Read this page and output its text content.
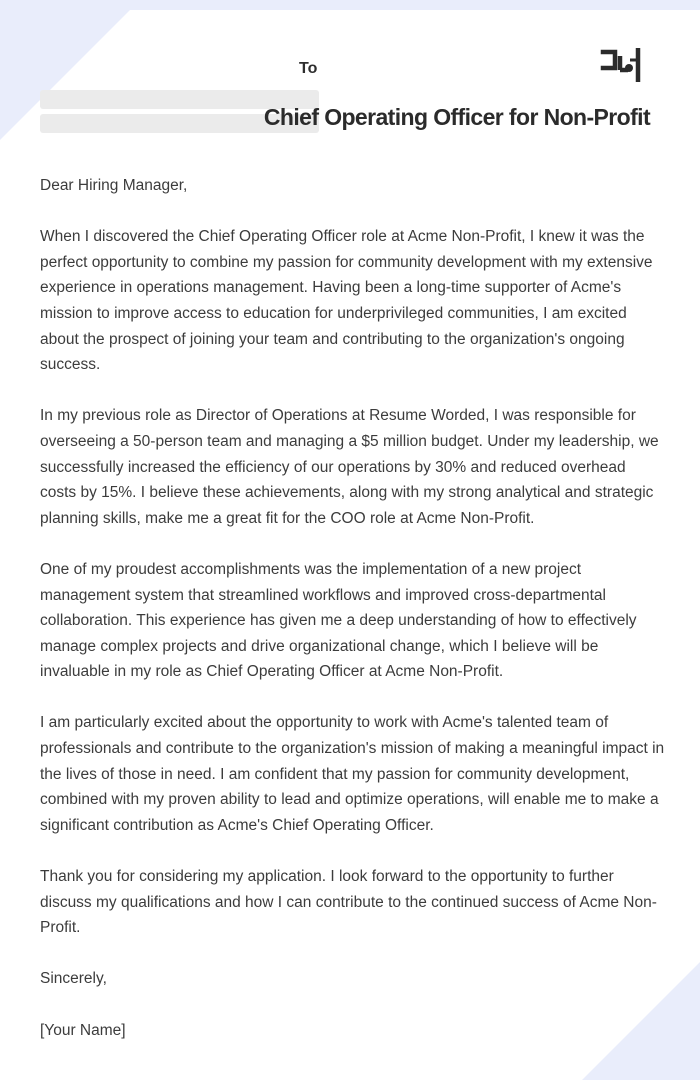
To
Chief Operating Officer for Non-Profit

Dear Hiring Manager,

When I discovered the Chief Operating Officer role at Acme Non-Profit, I knew it was the perfect opportunity to combine my passion for community development with my extensive experience in operations management. Having been a long-time supporter of Acme's mission to improve access to education for underprivileged communities, I am excited about the prospect of joining your team and contributing to the organization's ongoing success.

In my previous role as Director of Operations at Resume Worded, I was responsible for overseeing a 50-person team and managing a $5 million budget. Under my leadership, we successfully increased the efficiency of our operations by 30% and reduced overhead costs by 15%. I believe these achievements, along with my strong analytical and strategic planning skills, make me a great fit for the COO role at Acme Non-Profit.

One of my proudest accomplishments was the implementation of a new project management system that streamlined workflows and improved cross-departmental collaboration. This experience has given me a deep understanding of how to effectively manage complex projects and drive organizational change, which I believe will be invaluable in my role as Chief Operating Officer at Acme Non-Profit.

I am particularly excited about the opportunity to work with Acme's talented team of professionals and contribute to the organization's mission of making a meaningful impact in the lives of those in need. I am confident that my passion for community development, combined with my proven ability to lead and optimize operations, will enable me to make a significant contribution as Acme's Chief Operating Officer.

Thank you for considering my application. I look forward to the opportunity to further discuss my qualifications and how I can contribute to the continued success of Acme Non-Profit.

Sincerely,

[Your Name]
